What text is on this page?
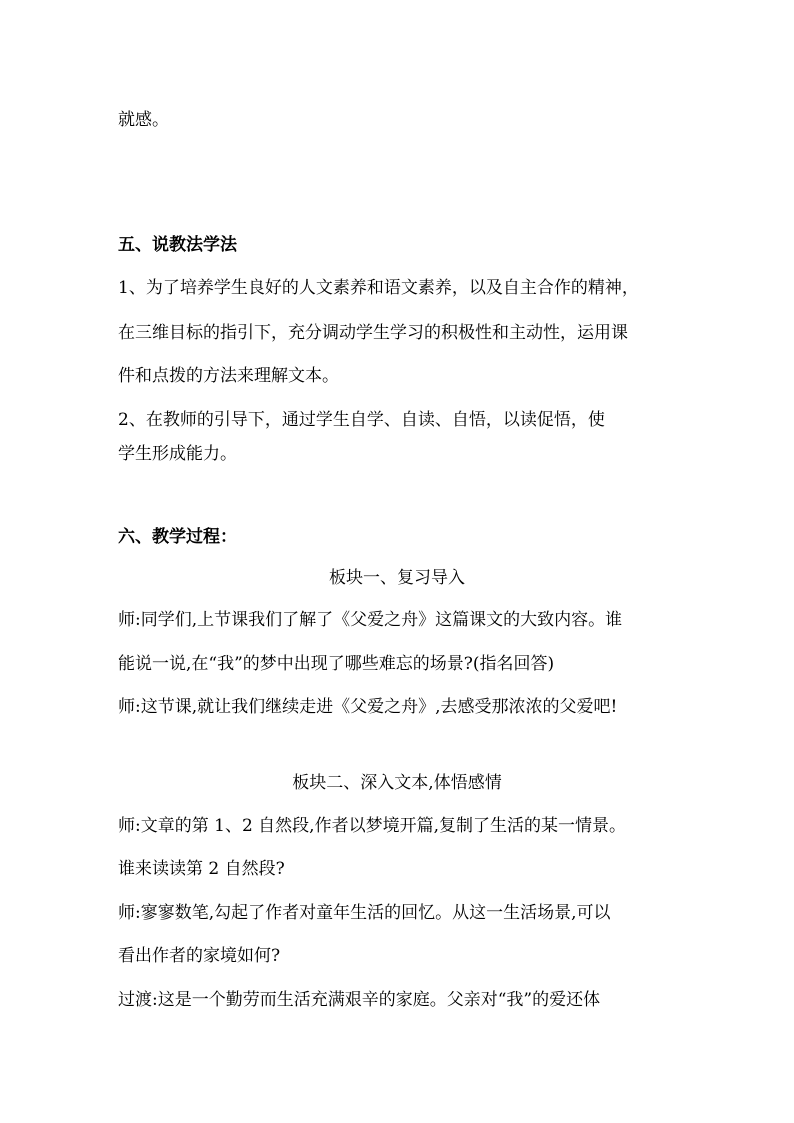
就感。
五、说教法学法
1、为了培养学生良好的人文素养和语文素养，以及自主合作的精神，
在三维目标的指引下，充分调动学生学习的积极性和主动性，运用课
件和点拨的方法来理解文本。
2、在教师的引导下，通过学生自学、自读、自悟，以读促悟，使
学生形成能力。
六、教学过程：
板块一、复习导入
师:同学们,上节课我们了解了《父爱之舟》这篇课文的大致内容。谁
能说一说,在“我”的梦中出现了哪些难忘的场景?(指名回答)
师:这节课,就让我们继续走进《父爱之舟》,去感受那浓浓的父爱吧!
板块二、深入文本,体悟感情
师:文章的第 1、2 自然段,作者以梦境开篇,复制了生活的某一情景。
谁来读读第 2 自然段?
师:寥寥数笔,勾起了作者对童年生活的回忆。从这一生活场景,可以
看出作者的家境如何?
过渡:这是一个勤劳而生活充满艰辛的家庭。父亲对“我”的爱还体
